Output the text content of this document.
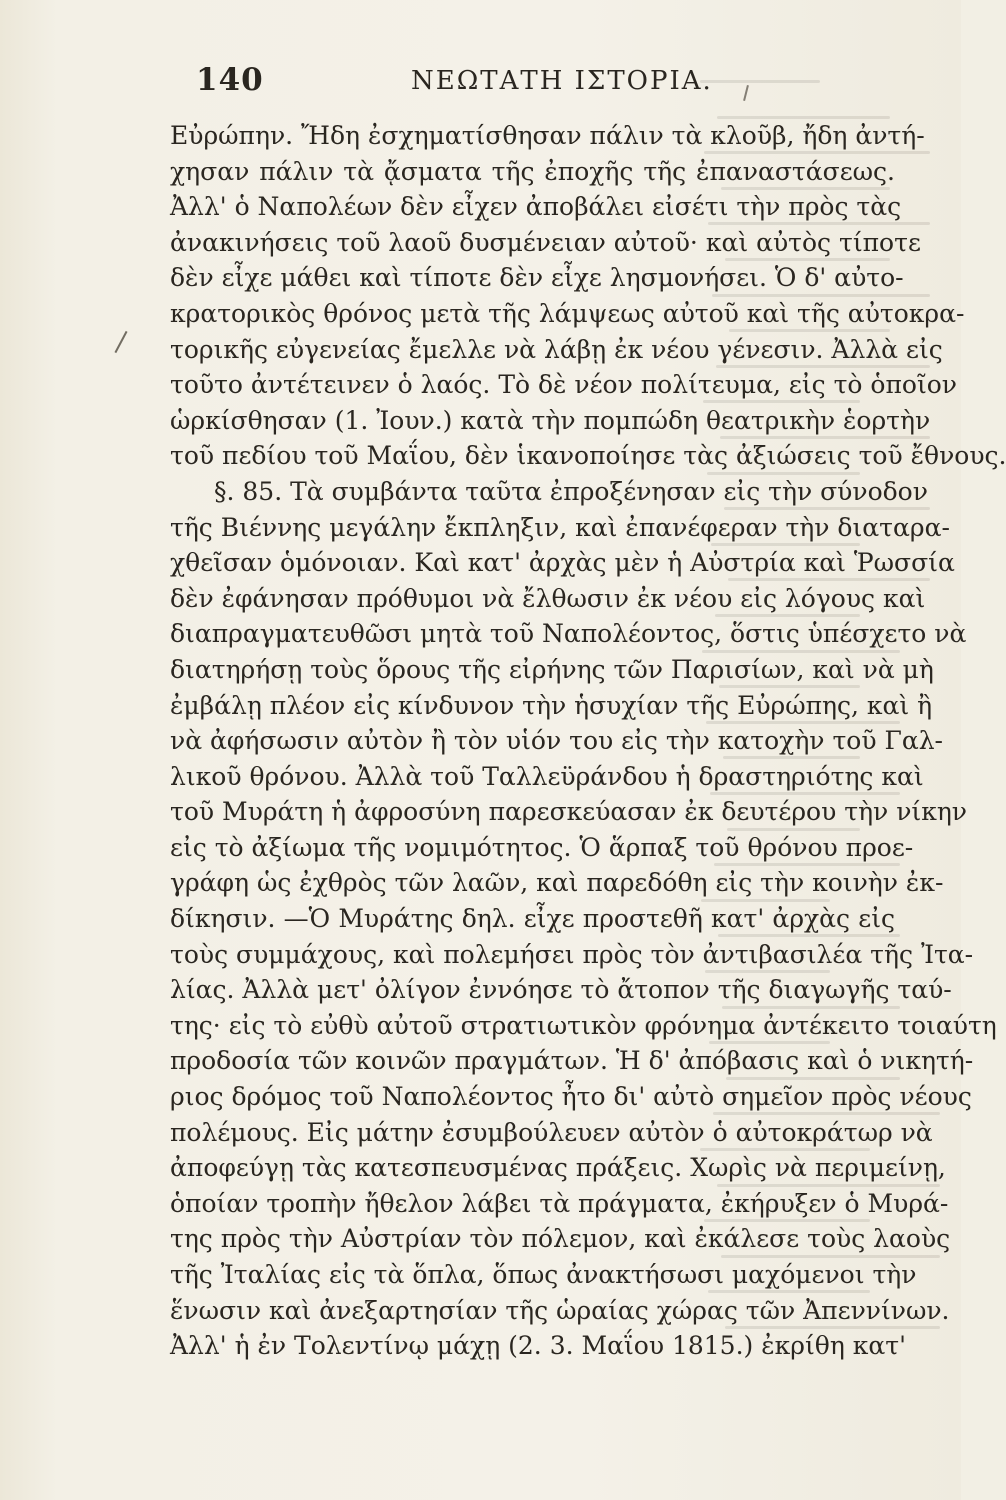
140	ΝΕΩΤΑΤΗ ΙΣΤΟΡΙΑ.
Εὐρώπην. Ἤδη ἐσχηματίσθησαν πάλιν τὰ κλοῦβ, ἤδη ἀντή-
χησαν πάλιν τὰ ᾄσματα τῆς ἐποχῆς τῆς ἐπαναστάσεως.
Ἀλλ' ὁ Ναπολέων δὲν εἶχεν ἀποβάλει εἰσέτι τὴν πρὸς τὰς
ἀνακινήσεις τοῦ λαοῦ δυσμένειαν αὐτοῦ· καὶ αὐτὸς τίποτε
δὲν εἶχε μάθει καὶ τίποτε δὲν εἶχε λησμονήσει. Ὁ δ' αὐτο-
κρατορικὸς θρόνος μετὰ τῆς λάμψεως αὐτοῦ καὶ τῆς αὐτοκρα-
τορικῆς εὐγενείας ἔμελλε νὰ λάβῃ ἐκ νέου γένεσιν. Ἀλλὰ εἰς
τοῦτο ἀντέτεινεν ὁ λαός. Τὸ δὲ νέον πολίτευμα, εἰς τὸ ὁποῖον
ὡρκίσθησαν (1. Ἰουν.) κατὰ τὴν πομπώδη θεατρικὴν ἑορτὴν
τοῦ πεδίου τοῦ Μαΐου, δὲν ἱκανοποίησε τὰς ἀξιώσεις τοῦ ἔθνους.
§. 85. Τὰ συμβάντα ταῦτα ἐπροξένησαν εἰς τὴν σύνοδον
τῆς Βιέννης μεγάλην ἔκπληξιν, καὶ ἐπανέφεραν τὴν διαταρα-
χθεῖσαν ὁμόνοιαν. Καὶ κατ' ἀρχὰς μὲν ἡ Αὐστρία καὶ Ῥωσσία
δὲν ἐφάνησαν πρόθυμοι νὰ ἔλθωσιν ἐκ νέου εἰς λόγους καὶ
διαπραγματευθῶσι μητὰ τοῦ Ναπολέοντος, ὅστις ὑπέσχετο νὰ
διατηρήσῃ τοὺς ὅρους τῆς εἰρήνης τῶν Παρισίων, καὶ νὰ μὴ
ἐμβάλῃ πλέον εἰς κίνδυνον τὴν ἡσυχίαν τῆς Εὐρώπης, καὶ ἢ
νὰ ἀφήσωσιν αὐτὸν ἢ τὸν υἱόν του εἰς τὴν κατοχὴν τοῦ Γαλ-
λικοῦ θρόνου. Ἀλλὰ τοῦ Ταλλεϋράνδου ἡ δραστηριότης καὶ
τοῦ Μυράτη ἡ ἀφροσύνη παρεσκεύασαν ἐκ δευτέρου τὴν νίκην
εἰς τὸ ἀξίωμα τῆς νομιμότητος. Ὁ ἅρπαξ τοῦ θρόνου προε-
γράφη ὡς ἐχθρὸς τῶν λαῶν, καὶ παρεδόθη εἰς τὴν κοινὴν ἐκ-
δίκησιν. —Ὁ Μυράτης δηλ. εἶχε προστεθῆ κατ' ἀρχὰς εἰς
τοὺς συμμάχους, καὶ πολεμήσει πρὸς τὸν ἀντιβασιλέα τῆς Ἰτα-
λίας. Ἀλλὰ μετ' ὀλίγον ἐννόησε τὸ ἄτοπον τῆς διαγωγῆς ταύ-
της· εἰς τὸ εὐθὺ αὐτοῦ στρατιωτικὸν φρόνημα ἀντέκειτο τοιαύτη
προδοσία τῶν κοινῶν πραγμάτων. Ἡ δ' ἀπόβασις καὶ ὁ νικητή-
ριος δρόμος τοῦ Ναπολέοντος ἦτο δι' αὐτὸ σημεῖον πρὸς νέους
πολέμους. Εἰς μάτην ἐσυμβούλευεν αὐτὸν ὁ αὐτοκράτωρ νὰ
ἀποφεύγῃ τὰς κατεσπευσμένας πράξεις. Χωρὶς νὰ περιμείνῃ,
ὁποίαν τροπὴν ἤθελον λάβει τὰ πράγματα, ἐκήρυξεν ὁ Μυρά-
της πρὸς τὴν Αὐστρίαν τὸν πόλεμον, καὶ ἐκάλεσε τοὺς λαοὺς
τῆς Ἰταλίας εἰς τὰ ὅπλα, ὅπως ἀνακτήσωσι μαχόμενοι τὴν
ἕνωσιν καὶ ἀνεξαρτησίαν τῆς ὡραίας χώρας τῶν Ἀπεννίνων.
Ἀλλ' ἡ ἐν Τολεντίνῳ μάχῃ (2. 3. Μαΐου 1815.) ἐκρίθη κατ'
